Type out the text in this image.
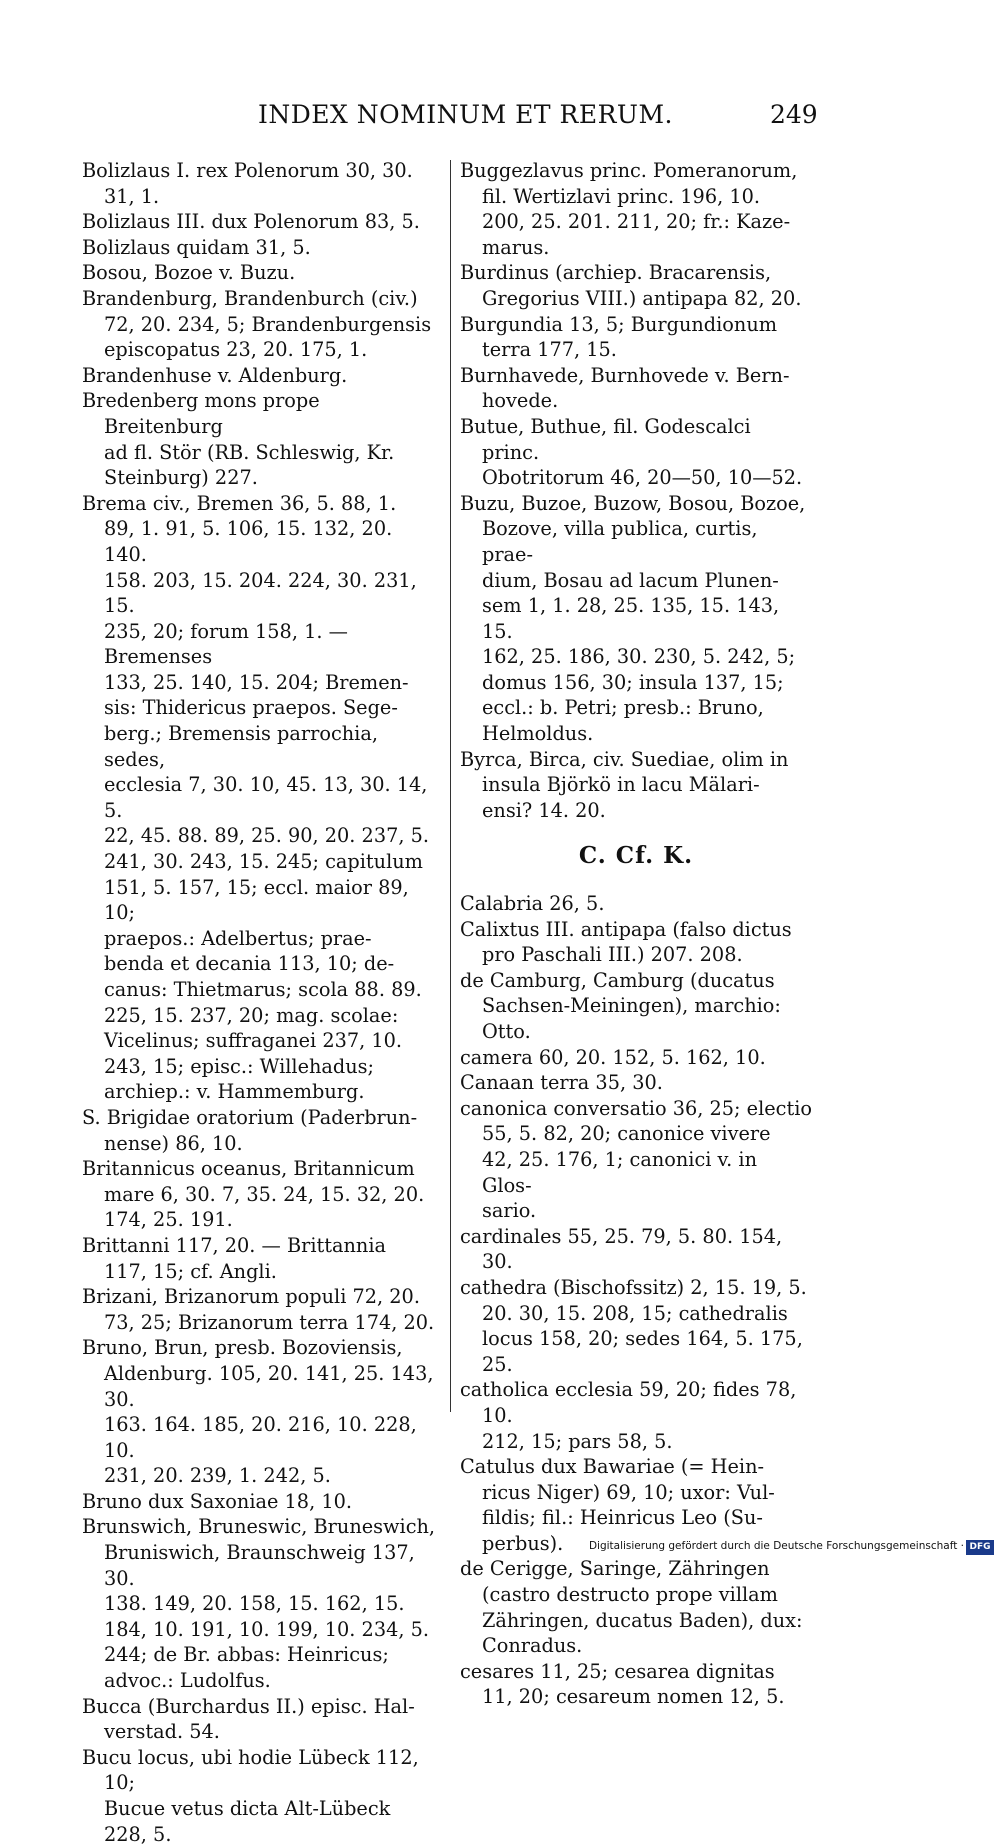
INDEX NOMINUM ET RERUM.	249
Bolizlaus I. rex Polenorum 30, 30. 31, 1.
Bolizlaus III. dux Polenorum 83, 5.
Bolizlaus quidam 31, 5.
Bosou, Bozoe v. Buzu.
Brandenburg, Brandenburch (civ.)
72, 20. 234, 5; Brandenburgensis
episcopatus 23, 20. 175, 1.
Brandenhuse v. Aldenburg.
Bredenberg mons prope Breitenburg
ad fl. Stör (RB. Schleswig, Kr.
Steinburg) 227.
Brema civ., Bremen 36, 5. 88, 1.
89, 1. 91, 5. 106, 15. 132, 20. 140.
158. 203, 15. 204. 224, 30. 231, 15.
235, 20; forum 158, 1. — Bremenses
133, 25. 140, 15. 204; Bremen-
sis: Thidericus praepos. Sege-
berg.; Bremensis parrochia, sedes,
ecclesia 7, 30. 10, 45. 13, 30. 14, 5.
22, 45. 88. 89, 25. 90, 20. 237, 5.
241, 30. 243, 15. 245; capitulum
151, 5. 157, 15; eccl. maior 89, 10;
praepos.: Adelbertus; prae-
benda et decania 113, 10; de-
canus: Thietmarus; scola 88. 89.
225, 15. 237, 20; mag. scolae:
Vicelinus; suffraganei 237, 10.
243, 15; episc.: Willehadus;
archiep.: v. Hammemburg.
S. Brigidae oratorium (Paderbrun-
nense) 86, 10.
Britannicus oceanus, Britannicum
mare 6, 30. 7, 35. 24, 15. 32, 20.
174, 25. 191.
Brittanni 117, 20. — Brittannia
117, 15; cf. Angli.
Brizani, Brizanorum populi 72, 20.
73, 25; Brizanorum terra 174, 20.
Bruno, Brun, presb. Bozoviensis,
Aldenburg. 105, 20. 141, 25. 143, 30.
163. 164. 185, 20. 216, 10. 228, 10.
231, 20. 239, 1. 242, 5.
Bruno dux Saxoniae 18, 10.
Brunswich, Bruneswic, Bruneswich,
Bruniswich, Braunschweig 137, 30.
138. 149, 20. 158, 15. 162, 15.
184, 10. 191, 10. 199, 10. 234, 5.
244; de Br. abbas: Heinricus;
advoc.: Ludolfus.
Bucca (Burchardus II.) episc. Hal-
verstad. 54.
Bucu locus, ubi hodie Lübeck 112, 10;
Bucue vetus dicta Alt-Lübeck
228, 5.
Buggezlavus princ. Pomeranorum,
fil. Wertizlavi princ. 196, 10.
200, 25. 201. 211, 20; fr.: Kaze-
marus.
Burdinus (archiep. Bracarensis,
Gregorius VIII.) antipapa 82, 20.
Burgundia 13, 5; Burgundionum
terra 177, 15.
Burnhavede, Burnhovede v. Bern-
hovede.
Butue, Buthue, fil. Godescalci princ.
Obotritorum 46, 20—50, 10—52.
Buzu, Buzoe, Buzow, Bosou, Bozoe,
Bozove, villa publica, curtis, prae-
dium, Bosau ad lacum Plunen-
sem 1, 1. 28, 25. 135, 15. 143, 15.
162, 25. 186, 30. 230, 5. 242, 5;
domus 156, 30; insula 137, 15;
eccl.: b. Petri; presb.: Bruno,
Helmoldus.
Byrca, Birca, civ. Suediae, olim in
insula Björkö in lacu Mälari-
ensi? 14. 20.
C. Cf. K.
Calabria 26, 5.
Calixtus III. antipapa (falso dictus
pro Paschali III.) 207. 208.
de Camburg, Camburg (ducatus
Sachsen-Meiningen), marchio:
Otto.
camera 60, 20. 152, 5. 162, 10.
Canaan terra 35, 30.
canonica conversatio 36, 25; electio
55, 5. 82, 20; canonice vivere
42, 25. 176, 1; canonici v. in Glos-
sario.
cardinales 55, 25. 79, 5. 80. 154, 30.
cathedra (Bischofssitz) 2, 15. 19, 5.
20. 30, 15. 208, 15; cathedralis
locus 158, 20; sedes 164, 5. 175, 25.
catholica ecclesia 59, 20; fides 78, 10.
212, 15; pars 58, 5.
Catulus dux Bawariae (= Hein-
ricus Niger) 69, 10; uxor: Vul-
fildis; fil.: Heinricus Leo (Su-
perbus).
de Cerigge, Saringe, Zähringen
(castro destructo prope villam
Zähringen, ducatus Baden), dux:
Conradus.
cesares 11, 25; cesarea dignitas
11, 20; cesareum nomen 12, 5.
Digitalisierung gefördert durch die Deutsche Forschungsgemeinschaft · DFG
